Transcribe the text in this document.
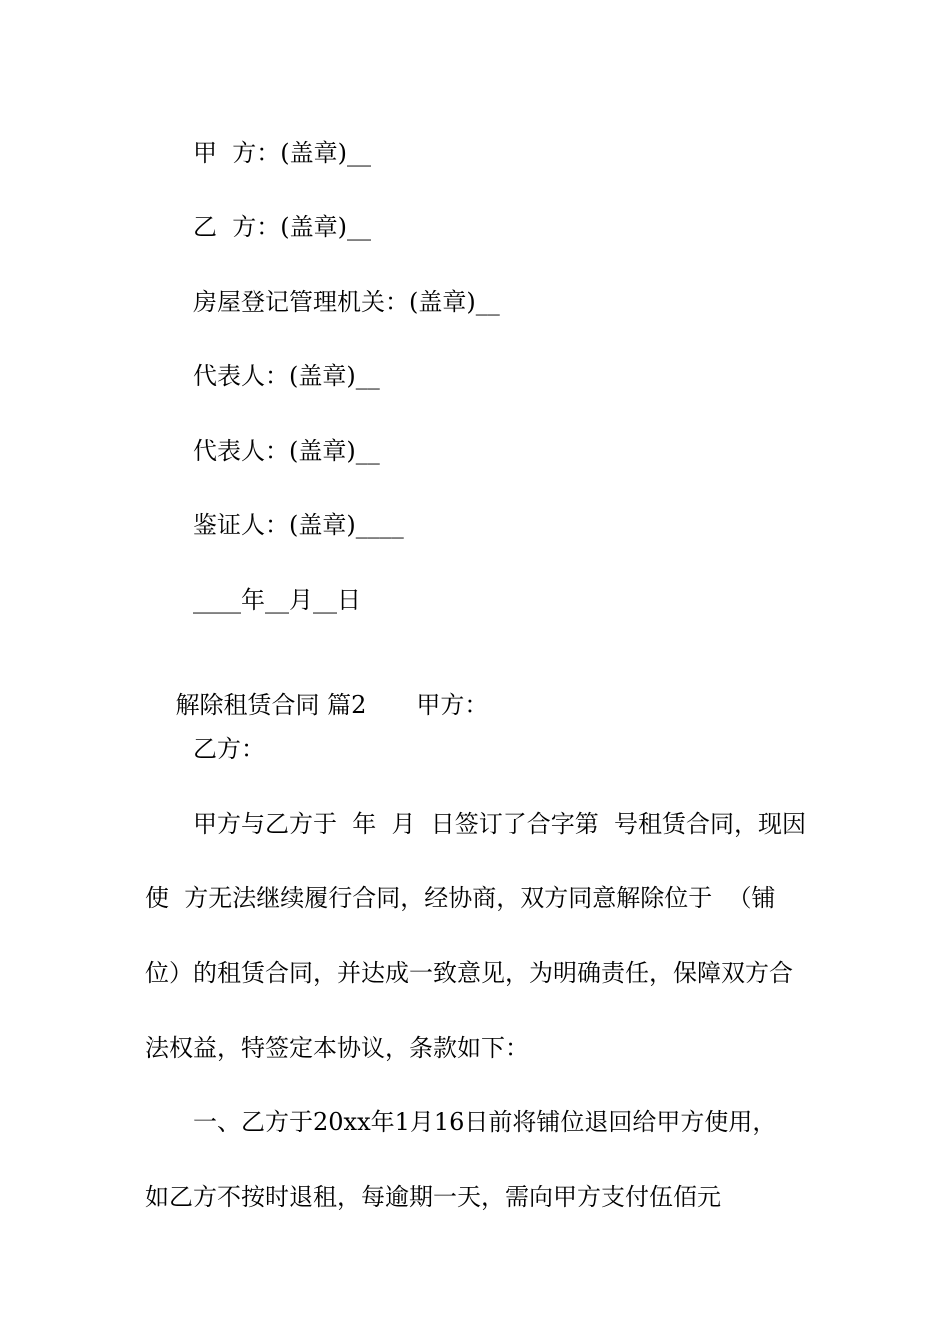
甲  方：(盖章)__
乙  方：(盖章)__
房屋登记管理机关：(盖章)__
代表人：(盖章)__
代表人：(盖章)__
鉴证人：(盖章)____
____年__月__日

解除租赁合同 篇2 甲方：

乙方：
甲方与乙方于  年  月  日签订了合字第  号租赁合同，现因
使  方无法继续履行合同，经协商，双方同意解除位于  （铺
位）的租赁合同，并达成一致意见，为明确责任，保障双方合
法权益，特签定本协议，条款如下：
一、乙方于20xx年1月16日前将铺位退回给甲方使用，
如乙方不按时退租，每逾期一天，需向甲方支付伍佰元
